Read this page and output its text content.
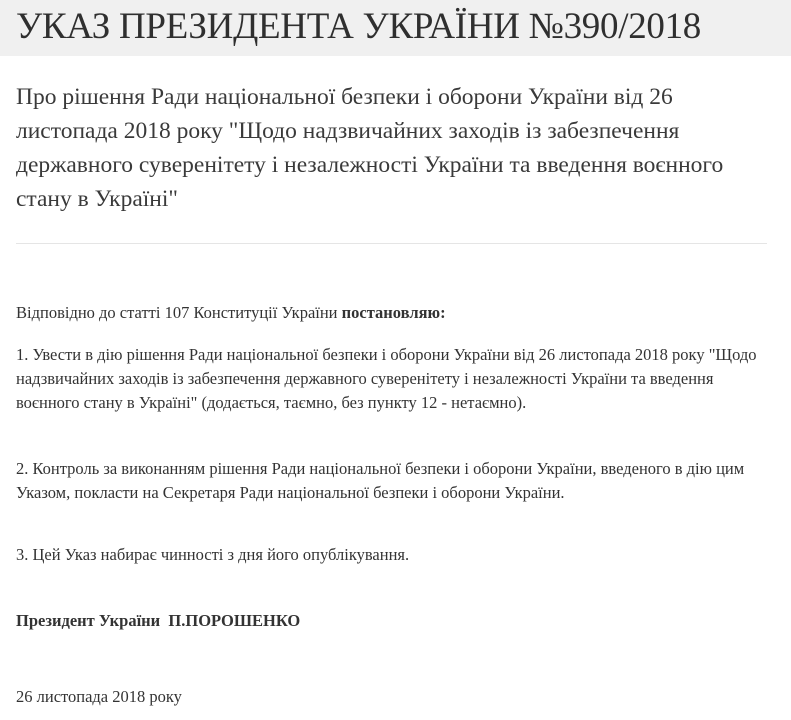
УКАЗ ПРЕЗИДЕНТА УКРАЇНИ №390/2018
Про рішення Ради національної безпеки і оборони України від 26 листопада 2018 року "Щодо надзвичайних заходів із забезпечення державного суверенітету і незалежності України та введення воєнного стану в Україні"

Відповідно до статті 107 Конституції України постановляю:

1. Увести в дію рішення Ради національної безпеки і оборони України від 26 листопада 2018 року "Щодо надзвичайних заходів із забезпечення державного суверенітету і незалежності України та введення воєнного стану в Україні" (додається, таємно, без пункту 12 - нетаємно).

2. Контроль за виконанням рішення Ради національної безпеки і оборони України, введеного в дію цим Указом, покласти на Секретаря Ради національної безпеки і оборони України.

3. Цей Указ набирає чинності з дня його опублікування.

Президент України  П.ПОРОШЕНКО

26 листопада 2018 року
